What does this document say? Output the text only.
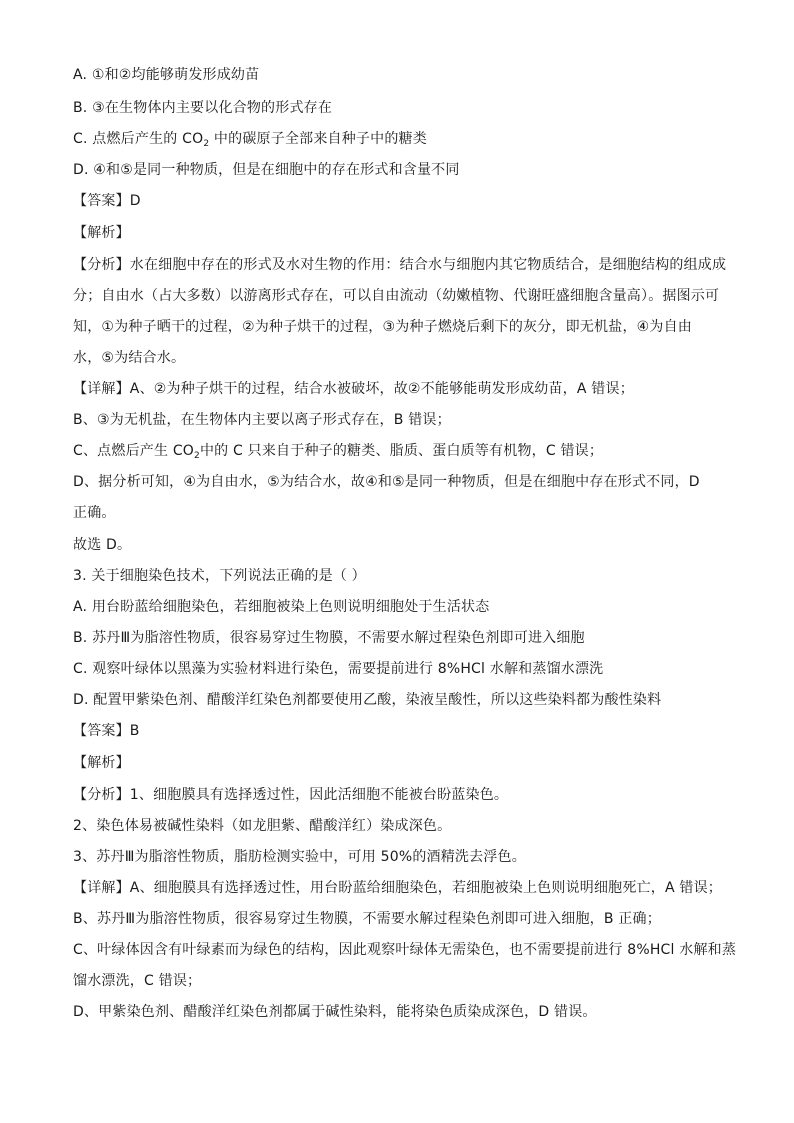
A. ①和②均能够萌发形成幼苗
B. ③在生物体内主要以化合物的形式存在
C. 点燃后产生的 $CO_2$ 中的碳原子全部来自种子中的糖类
D. ④和⑤是同一种物质，但是在细胞中的存在形式和含量不同
【答案】D
【解析】
【分析】水在细胞中存在的形式及水对生物的作用：结合水与细胞内其它物质结合，是细胞结构的组成成
分；自由水（占大多数）以游离形式存在，可以自由流动（幼嫩植物、代谢旺盛细胞含量高）。据图示可
知，①为种子晒干的过程，②为种子烘干的过程，③为种子燃烧后剩下的灰分，即无机盐，④为自由
水，⑤为结合水。
【详解】A、②为种子烘干的过程，结合水被破坏，故②不能够能萌发形成幼苗，A 错误；
B、③为无机盐，在生物体内主要以离子形式存在，B 错误；
C、点燃后产生 $CO_2$中的 C 只来自于种子的糖类、脂质、蛋白质等有机物，C 错误；
D、据分析可知，④为自由水，⑤为结合水，故④和⑤是同一种物质，但是在细胞中存在形式不同，D
正确。
故选 D。
3. 关于细胞染色技术，下列说法正确的是（ ）
A. 用台盼蓝给细胞染色，若细胞被染上色则说明细胞处于生活状态
B. 苏丹Ⅲ为脂溶性物质，很容易穿过生物膜，不需要水解过程染色剂即可进入细胞
C. 观察叶绿体以黑藻为实验材料进行染色，需要提前进行 8%HCl 水解和蒸馏水漂洗
D. 配置甲紫染色剂、醋酸洋红染色剂都要使用乙酸，染液呈酸性，所以这些染料都为酸性染料
【答案】B
【解析】
【分析】1、细胞膜具有选择透过性，因此活细胞不能被台盼蓝染色。
2、染色体易被碱性染料（如龙胆紫、醋酸洋红）染成深色。
3、苏丹Ⅲ为脂溶性物质，脂肪检测实验中，可用 50%的酒精洗去浮色。
【详解】A、细胞膜具有选择透过性，用台盼蓝给细胞染色，若细胞被染上色则说明细胞死亡，A 错误；
B、苏丹Ⅲ为脂溶性物质，很容易穿过生物膜，不需要水解过程染色剂即可进入细胞，B 正确；
C、叶绿体因含有叶绿素而为绿色的结构，因此观察叶绿体无需染色，也不需要提前进行 8%HCl 水解和蒸
馏水漂洗，C 错误；
D、甲紫染色剂、醋酸洋红染色剂都属于碱性染料，能将染色质染成深色，D 错误。
